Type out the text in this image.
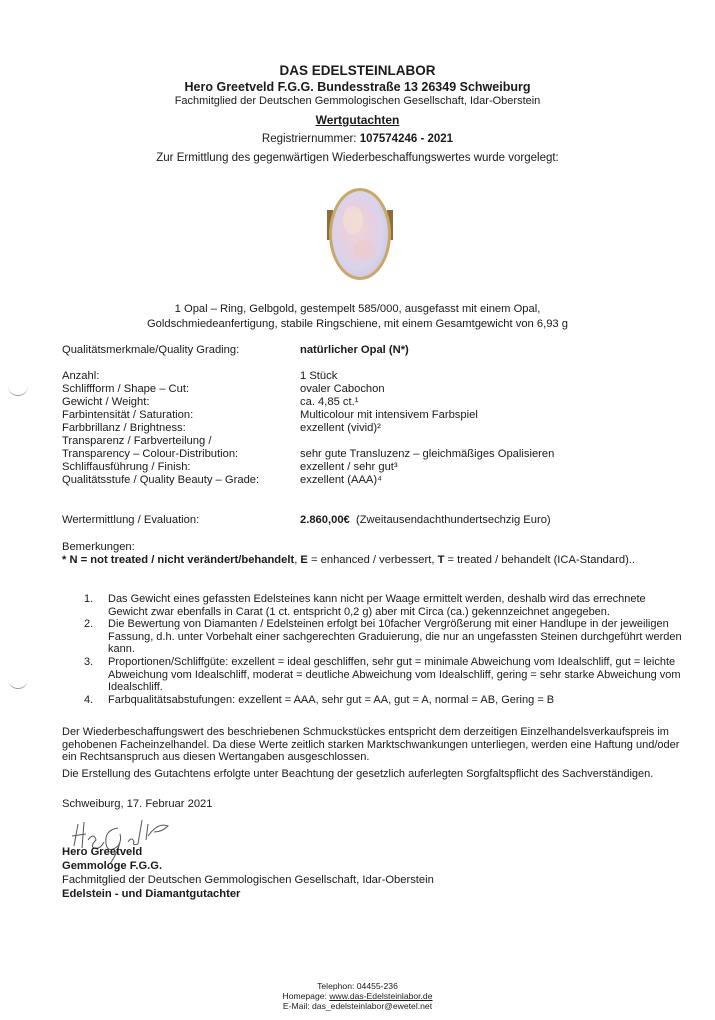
DAS EDELSTEINLABOR
Hero Greetveld F.G.G. Bundesstraße 13 26349 Schweiburg
Fachmitglied der Deutschen Gemmologischen Gesellschaft, Idar-Oberstein
Wertgutachten
Registriernummer: 107574246 - 2021
Zur Ermittlung des gegenwärtigen Wiederbeschaffungswertes wurde vorgelegt:
1 Opal – Ring, Gelbgold, gestempelt 585/000, ausgefasst mit einem Opal,
Goldschmiedeanfertigung, stabile Ringschiene, mit einem Gesamtgewicht von 6,93 g
Qualitätsmerkmale/Quality Grading:	natürlicher Opal (N*)
Anzahl:	1 Stück
Schliffform / Shape – Cut:	ovaler Cabochon
Gewicht / Weight:	ca. 4,85 ct.¹
Farbintensität / Saturation:	Multicolour mit intensivem Farbspiel
Farbbrillanz / Brightness:	exzellent (vivid)²
Transparenz / Farbverteilung /
Transparency – Colour-Distribution:	sehr gute Transluzenz – gleichmäßiges Opalisieren
Schliffausführung / Finish:	exzellent / sehr gut³
Qualitätsstufe / Quality Beauty – Grade:	exzellent (AAA)⁴
Wertermittlung / Evaluation:	2.860,00€ (Zweitausendachthundertsechzig Euro)
Bemerkungen:
* N = not treated / nicht verändert/behandelt, E = enhanced / verbessert, T = treated / behandelt (ICA-Standard)..
1.	Das Gewicht eines gefassten Edelsteines kann nicht per Waage ermittelt werden, deshalb wird das errechnete Gewicht zwar ebenfalls in Carat (1 ct. entspricht 0,2 g) aber mit Circa (ca.) gekennzeichnet angegeben.
2.	Die Bewertung von Diamanten / Edelsteinen erfolgt bei 10facher Vergrößerung mit einer Handlupe in der jeweiligen Fassung, d.h. unter Vorbehalt einer sachgerechten Graduierung, die nur an ungefassten Steinen durchgeführt werden kann.
3.	Proportionen/Schliffgüte: exzellent = ideal geschliffen, sehr gut = minimale Abweichung vom Idealschliff, gut = leichte Abweichung vom Idealschliff, moderat = deutliche Abweichung vom Idealschliff, gering = sehr starke Abweichung vom Idealschliff.
4.	Farbqualitätsabstufungen: exzellent = AAA, sehr gut = AA, gut = A, normal = AB, Gering = B
Der Wiederbeschaffungswert des beschriebenen Schmuckstückes entspricht dem derzeitigen Einzelhandelsverkaufspreis im gehobenen Facheinzelhandel. Da diese Werte zeitlich starken Marktschwankungen unterliegen, werden eine Haftung und/oder ein Rechtsanspruch aus diesen Wertangaben ausgeschlossen.
Die Erstellung des Gutachtens erfolgte unter Beachtung der gesetzlich auferlegten Sorgfaltspflicht des Sachverständigen.
Schweiburg, 17. Februar 2021
Hero Greetveld
Gemmologe F.G.G.
Fachmitglied der Deutschen Gemmologischen Gesellschaft, Idar-Oberstein
Edelstein - und Diamantgutachter
Telephon: 04455-236
Homepage: www.das-Edelsteinlabor.de
E-Mail: das_edelsteinlabor@ewetel.net
